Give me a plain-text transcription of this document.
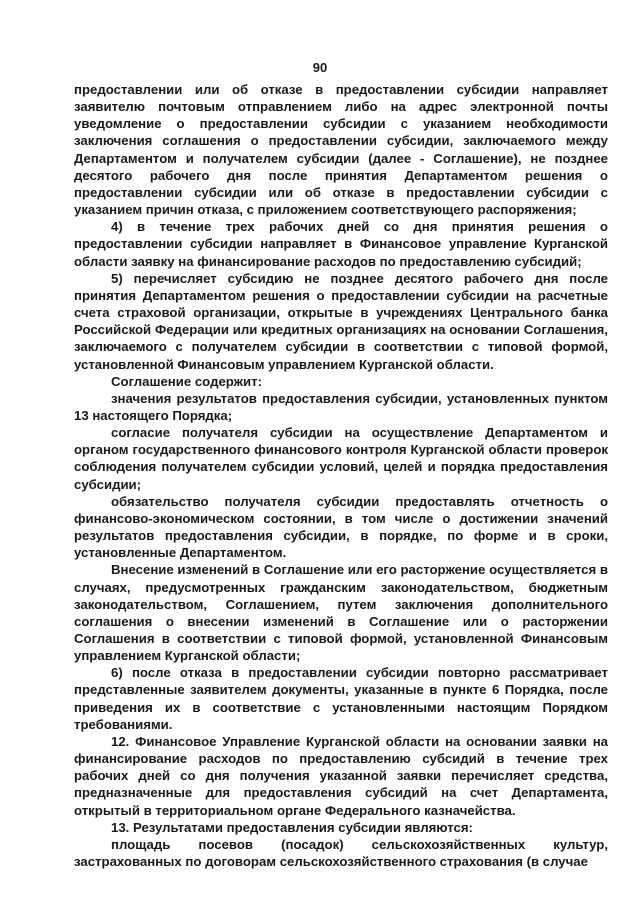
90

предоставлении или об отказе в предоставлении субсидии направляет заявителю почтовым отправлением либо на адрес электронной почты уведомление о предоставлении субсидии с указанием необходимости заключения соглашения о предоставлении субсидии, заключаемого между Департаментом и получателем субсидии (далее - Соглашение), не позднее десятого рабочего дня после принятия Департаментом решения о предоставлении субсидии или об отказе в предоставлении субсидии с указанием причин отказа, с приложением соответствующего распоряжения;

4) в течение трех рабочих дней со дня принятия решения о предоставлении субсидии направляет в Финансовое управление Курганской области заявку на финансирование расходов по предоставлению субсидий;

5) перечисляет субсидию не позднее десятого рабочего дня после принятия Департаментом решения о предоставлении субсидии на расчетные счета страховой организации, открытые в учреждениях Центрального банка Российской Федерации или кредитных организациях на основании Соглашения, заключаемого с получателем субсидии в соответствии с типовой формой, установленной Финансовым управлением Курганской области.

Соглашение содержит:

значения результатов предоставления субсидии, установленных пунктом 13 настоящего Порядка;

согласие получателя субсидии на осуществление Департаментом и органом государственного финансового контроля Курганской области проверок соблюдения получателем субсидии условий, целей и порядка предоставления субсидии;

обязательство получателя субсидии предоставлять отчетность о финансово-экономическом состоянии, в том числе о достижении значений результатов предоставления субсидии, в порядке, по форме и в сроки, установленные Департаментом.

Внесение изменений в Соглашение или его расторжение осуществляется в случаях, предусмотренных гражданским законодательством, бюджетным законодательством, Соглашением, путем заключения дополнительного соглашения о внесении изменений в Соглашение или о расторжении Соглашения в соответствии с типовой формой, установленной Финансовым управлением Курганской области;

6) после отказа в предоставлении субсидии повторно рассматривает представленные заявителем документы, указанные в пункте 6 Порядка, после приведения их в соответствие с установленными настоящим Порядком требованиями.

12. Финансовое Управление Курганской области на основании заявки на финансирование расходов по предоставлению субсидий в течение трех рабочих дней со дня получения указанной заявки перечисляет средства, предназначенные для предоставления субсидий на счет Департамента, открытый в территориальном органе Федерального казначейства.

13. Результатами предоставления субсидии являются:

площадь посевов (посадок) сельскохозяйственных культур, застрахованных по договорам сельскохозяйственного страхования (в случае
